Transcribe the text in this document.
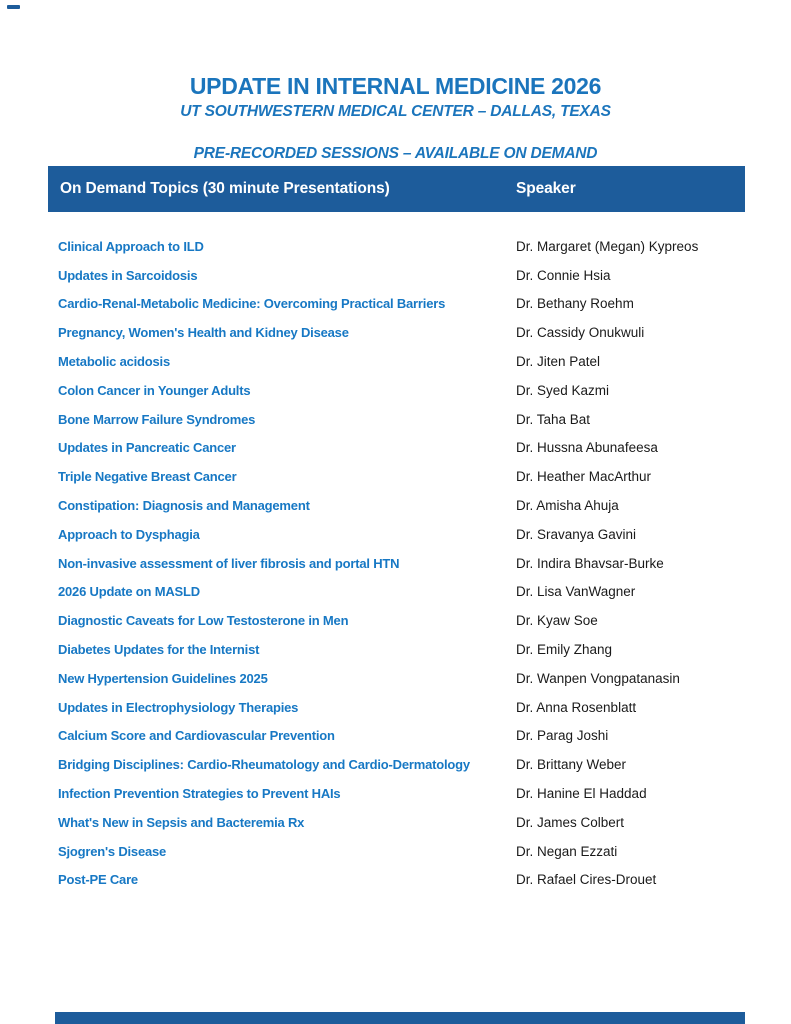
UPDATE IN INTERNAL MEDICINE 2026
UT SOUTHWESTERN MEDICAL CENTER – DALLAS, TEXAS
PRE-RECORDED SESSIONS – AVAILABLE ON DEMAND
On Demand Topics (30 minute Presentations)	Speaker
Clinical Approach to ILD	Dr. Margaret (Megan) Kypreos
Updates in Sarcoidosis	Dr. Connie Hsia
Cardio-Renal-Metabolic Medicine: Overcoming Practical Barriers	Dr. Bethany Roehm
Pregnancy, Women's Health and Kidney Disease	Dr. Cassidy Onukwuli
Metabolic acidosis	Dr. Jiten Patel
Colon Cancer in Younger Adults	Dr. Syed Kazmi
Bone Marrow Failure Syndromes	Dr. Taha Bat
Updates in Pancreatic Cancer	Dr. Hussna Abunafeesa
Triple Negative Breast Cancer	Dr. Heather MacArthur
Constipation: Diagnosis and Management	Dr. Amisha Ahuja
Approach to Dysphagia	Dr. Sravanya Gavini
Non-invasive assessment of liver fibrosis and portal HTN	Dr. Indira Bhavsar-Burke
2026 Update on MASLD	Dr. Lisa VanWagner
Diagnostic Caveats for Low Testosterone in Men	Dr. Kyaw Soe
Diabetes Updates for the Internist	Dr. Emily Zhang
New Hypertension Guidelines 2025	Dr. Wanpen Vongpatanasin
Updates in Electrophysiology Therapies	Dr. Anna Rosenblatt
Calcium Score and Cardiovascular Prevention	Dr. Parag Joshi
Bridging Disciplines: Cardio-Rheumatology and Cardio-Dermatology	Dr. Brittany Weber
Infection Prevention Strategies to Prevent HAIs	Dr. Hanine El Haddad
What's New in Sepsis and Bacteremia Rx	Dr. James Colbert
Sjogren's Disease	Dr. Negan Ezzati
Post-PE Care	Dr. Rafael Cires-Drouet
